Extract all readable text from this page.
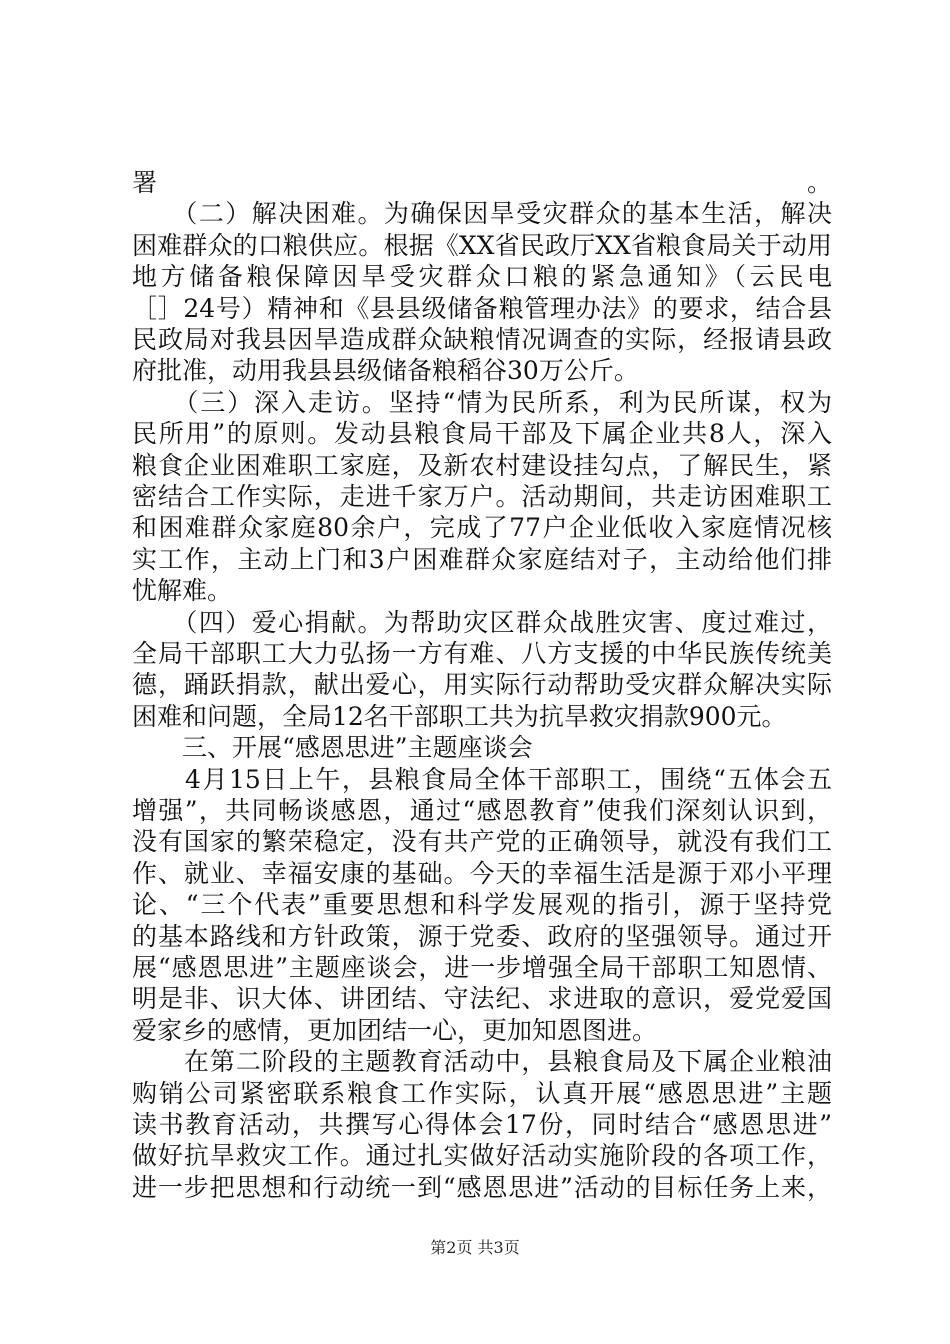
署。
　　（二）解决困难。为确保因旱受灾群众的基本生活，解决
困难群众的口粮供应。根据《XX省民政厅XX省粮食局关于动用
地方储备粮保障因旱受灾群众口粮的紧急通知》（云民电
［］24号）精神和《县县级储备粮管理办法》的要求，结合县
民政局对我县因旱造成群众缺粮情况调查的实际，经报请县政
府批准，动用我县县级储备粮稻谷30万公斤。
　　（三）深入走访。坚持“情为民所系，利为民所谋，权为
民所用”的原则。发动县粮食局干部及下属企业共8人，深入
粮食企业困难职工家庭，及新农村建设挂勾点，了解民生，紧
密结合工作实际，走进千家万户。活动期间，共走访困难职工
和困难群众家庭80余户，完成了77户企业低收入家庭情况核
实工作，主动上门和3户困难群众家庭结对子，主动给他们排
忧解难。
　　（四）爱心捐献。为帮助灾区群众战胜灾害、度过难过，
全局干部职工大力弘扬一方有难、八方支援的中华民族传统美
德，踊跃捐款，献出爱心，用实际行动帮助受灾群众解决实际
困难和问题，全局12名干部职工共为抗旱救灾捐款900元。
　　三、开展“感恩思进”主题座谈会
　　4月15日上午，县粮食局全体干部职工，围绕“五体会五
增强”，共同畅谈感恩，通过“感恩教育”使我们深刻认识到，
没有国家的繁荣稳定，没有共产党的正确领导，就没有我们工
作、就业、幸福安康的基础。今天的幸福生活是源于邓小平理
论、“三个代表”重要思想和科学发展观的指引，源于坚持党
的基本路线和方针政策，源于党委、政府的坚强领导。通过开
展“感恩思进”主题座谈会，进一步增强全局干部职工知恩情、
明是非、识大体、讲团结、守法纪、求进取的意识，爱党爱国
爱家乡的感情，更加团结一心，更加知恩图进。
　　在第二阶段的主题教育活动中，县粮食局及下属企业粮油
购销公司紧密联系粮食工作实际，认真开展“感恩思进”主题
读书教育活动，共撰写心得体会17份，同时结合“感恩思进”
做好抗旱救灾工作。通过扎实做好活动实施阶段的各项工作，
第2页 共3页
进一步把思想和行动统一到“感恩思进”活动的目标任务上来，
